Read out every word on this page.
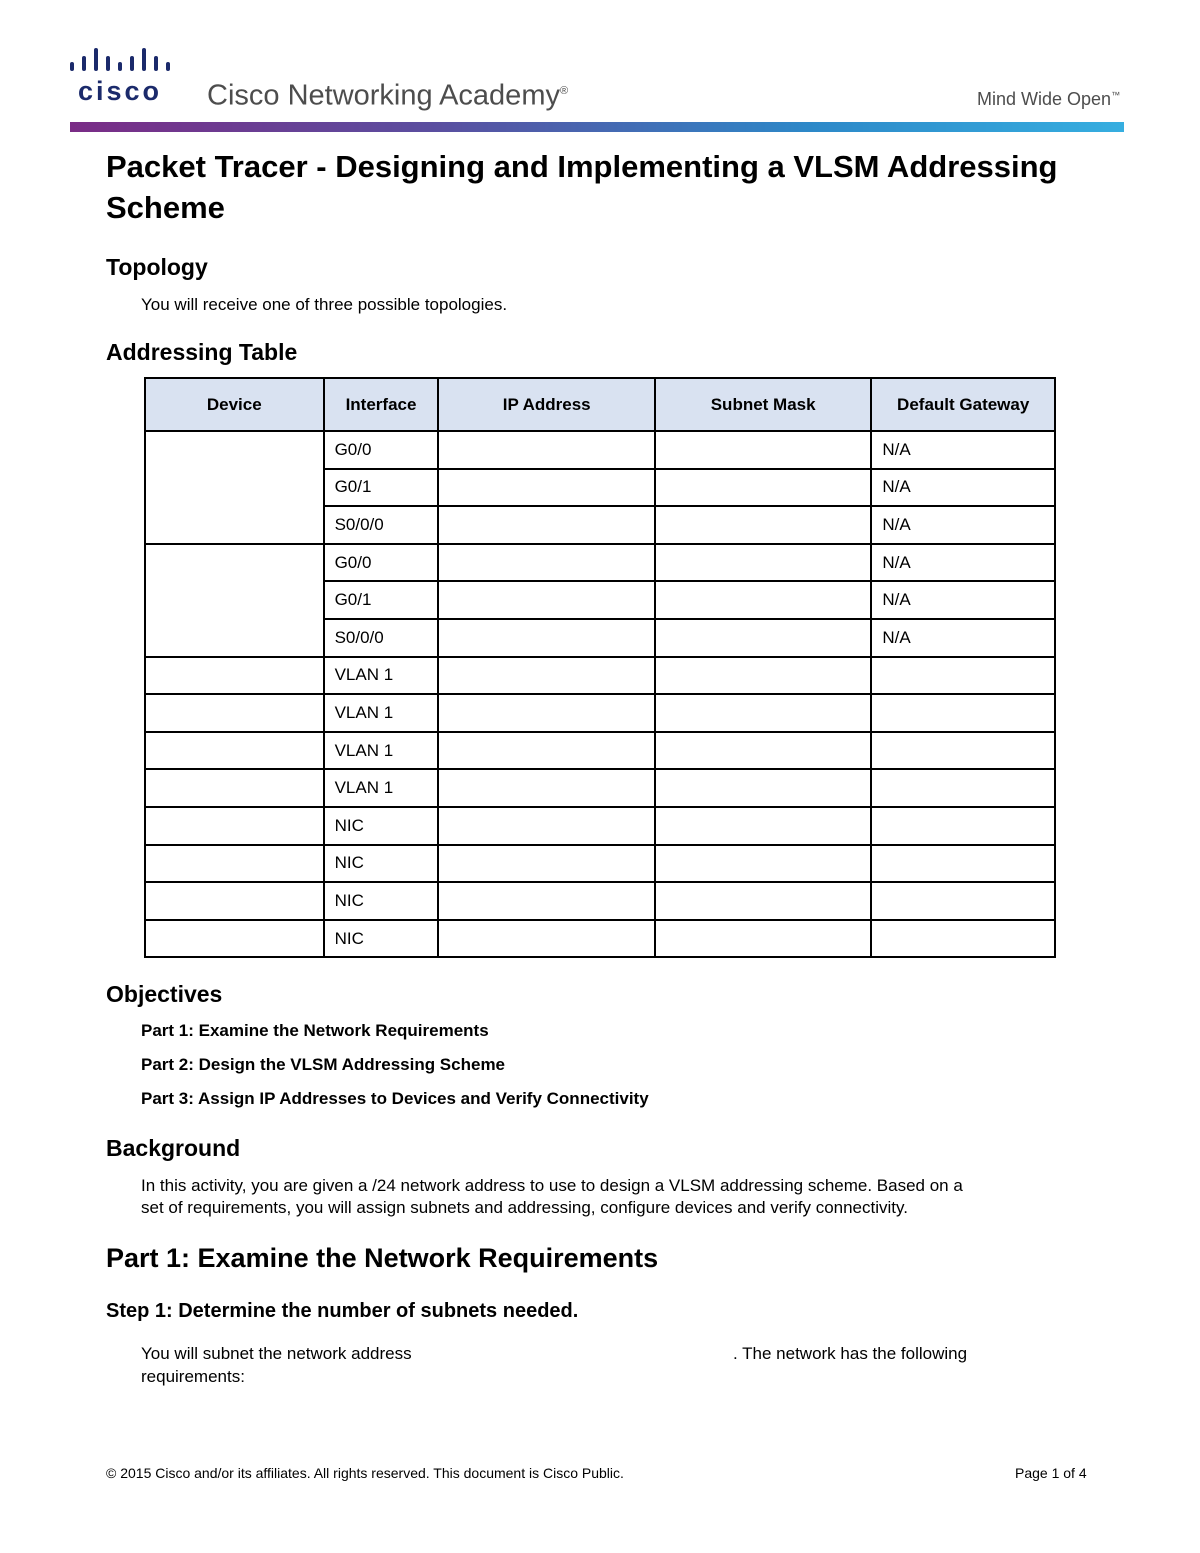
cisco Cisco Networking Academy®	Mind Wide Open™
Packet Tracer - Designing and Implementing a VLSM Addressing Scheme
Topology
You will receive one of three possible topologies.
Addressing Table
Device	Interface	IP Address	Subnet Mask	Default Gateway
	G0/0			N/A
	G0/1			N/A
	S0/0/0			N/A
	G0/0			N/A
	G0/1			N/A
	S0/0/0			N/A
	VLAN 1			
	VLAN 1			
	VLAN 1			
	VLAN 1			
	NIC			
	NIC			
	NIC			
	NIC			
Objectives
Part 1: Examine the Network Requirements
Part 2: Design the VLSM Addressing Scheme
Part 3: Assign IP Addresses to Devices and Verify Connectivity
Background
In this activity, you are given a /24 network address to use to design a VLSM addressing scheme. Based on a
set of requirements, you will assign subnets and addressing, configure devices and verify connectivity.
Part 1: Examine the Network Requirements
Step 1: Determine the number of subnets needed.
You will subnet the network address	. The network has the following
requirements:
© 2015 Cisco and/or its affiliates. All rights reserved. This document is Cisco Public.	Page 1 of 4
